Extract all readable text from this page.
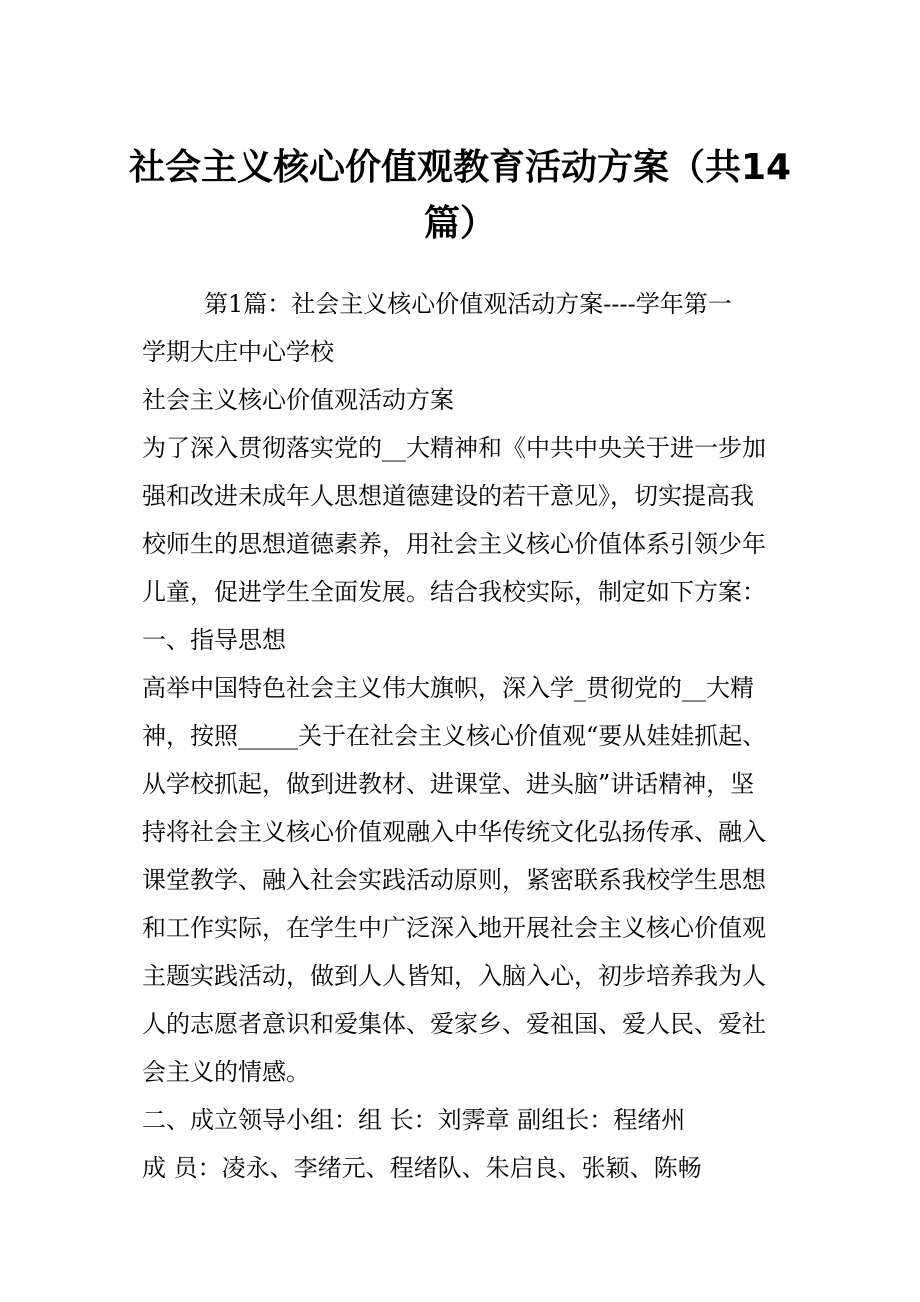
社会主义核心价值观教育活动方案（共14
篇）
第1篇：社会主义核心价值观活动方案----学年第一
学期大庄中心学校
社会主义核心价值观活动方案
为了深入贯彻落实党的__大精神和《中共中央关于进一步加
强和改进未成年人思想道德建设的若干意见》，切实提高我
校师生的思想道德素养，用社会主义核心价值体系引领少年
儿童，促进学生全面发展。结合我校实际，制定如下方案：
一、指导思想
高举中国特色社会主义伟大旗帜，深入学_贯彻党的__大精
神，按照_____关于在社会主义核心价值观“要从娃娃抓起、
从学校抓起，做到进教材、进课堂、进头脑”讲话精神，坚
持将社会主义核心价值观融入中华传统文化弘扬传承、融入
课堂教学、融入社会实践活动原则，紧密联系我校学生思想
和工作实际，在学生中广泛深入地开展社会主义核心价值观
主题实践活动，做到人人皆知，入脑入心，初步培养我为人
人的志愿者意识和爱集体、爱家乡、爱祖国、爱人民、爱社
会主义的情感。
二、成立领导小组：组 长：刘霁章 副组长：程绪州
成 员：凌永、李绪元、程绪队、朱启良、张颖、陈畅
